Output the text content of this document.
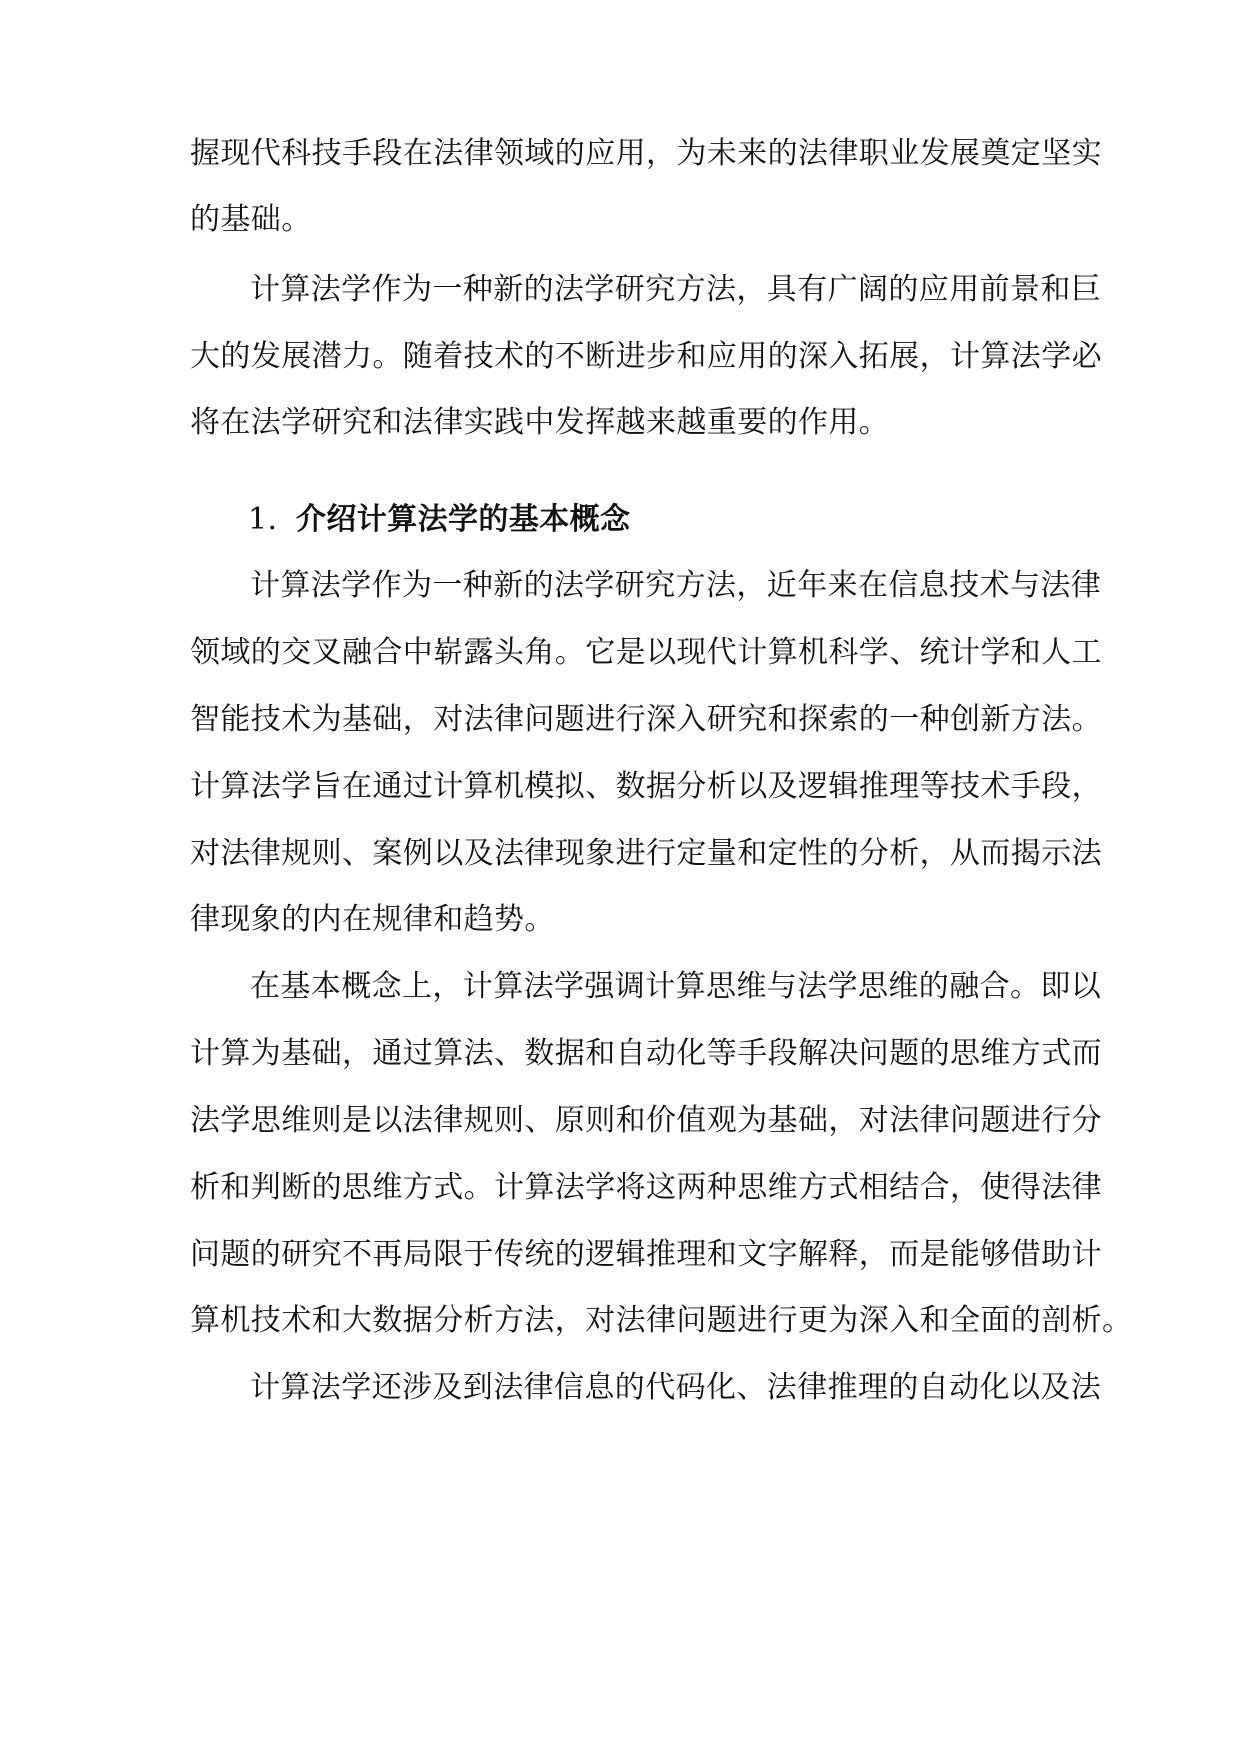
握现代科技手段在法律领域的应用，为未来的法律职业发展奠定坚实

的基础。

计算法学作为一种新的法学研究方法，具有广阔的应用前景和巨

大的发展潜力。随着技术的不断进步和应用的深入拓展，计算法学必

将在法学研究和法律实践中发挥越来越重要的作用。

1. 介绍计算法学的基本概念

计算法学作为一种新的法学研究方法，近年来在信息技术与法律

领域的交叉融合中崭露头角。它是以现代计算机科学、统计学和人工

智能技术为基础，对法律问题进行深入研究和探索的一种创新方法。

计算法学旨在通过计算机模拟、数据分析以及逻辑推理等技术手段，

对法律规则、案例以及法律现象进行定量和定性的分析，从而揭示法

律现象的内在规律和趋势。

在基本概念上，计算法学强调计算思维与法学思维的融合。即以

计算为基础，通过算法、数据和自动化等手段解决问题的思维方式而

法学思维则是以法律规则、原则和价值观为基础，对法律问题进行分

析和判断的思维方式。计算法学将这两种思维方式相结合，使得法律

问题的研究不再局限于传统的逻辑推理和文字解释，而是能够借助计

算机技术和大数据分析方法，对法律问题进行更为深入和全面的剖析。

计算法学还涉及到法律信息的代码化、法律推理的自动化以及法
